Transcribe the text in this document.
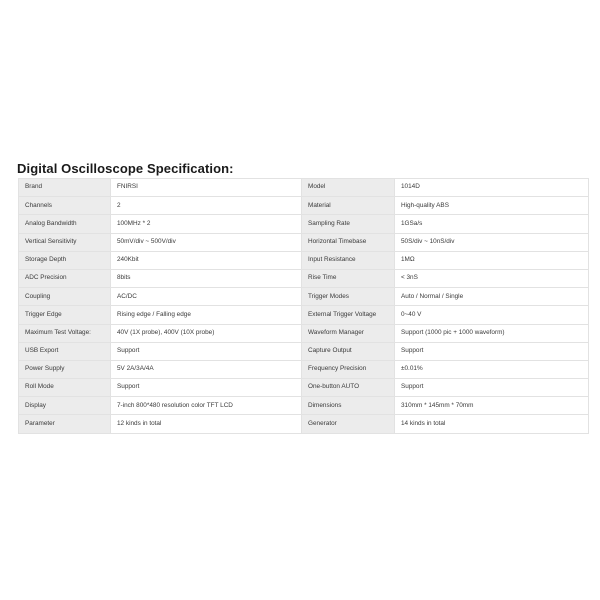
Digital Oscilloscope Specification:
Brand	FNIRSI	Model	1014D
Channels	2	Material	High-quality ABS
Analog Bandwidth	100MHz * 2	Sampling Rate	1GSa/s
Vertical Sensitivity	50mV/div ~ 500V/div	Horizontal Timebase	50S/div ~ 10nS/div
Storage Depth	240Kbit	Input Resistance	1MΩ
ADC Precision	8bits	Rise Time	< 3nS
Coupling	AC/DC	Trigger Modes	Auto / Normal / Single
Trigger Edge	Rising edge / Falling edge	External Trigger Voltage	0~40 V
Maximum Test Voltage:	40V (1X probe), 400V (10X probe)	Waveform Manager	Support (1000 pic + 1000 waveform)
USB Export	Support	Capture Output	Support
Power Supply	5V 2A/3A/4A	Frequency Precision	±0.01%
Roll Mode	Support	One-button AUTO	Support
Display	7-inch 800*480 resolution color TFT LCD	Dimensions	310mm * 145mm * 70mm
Parameter	12 kinds in total	Generator	14 kinds in total
